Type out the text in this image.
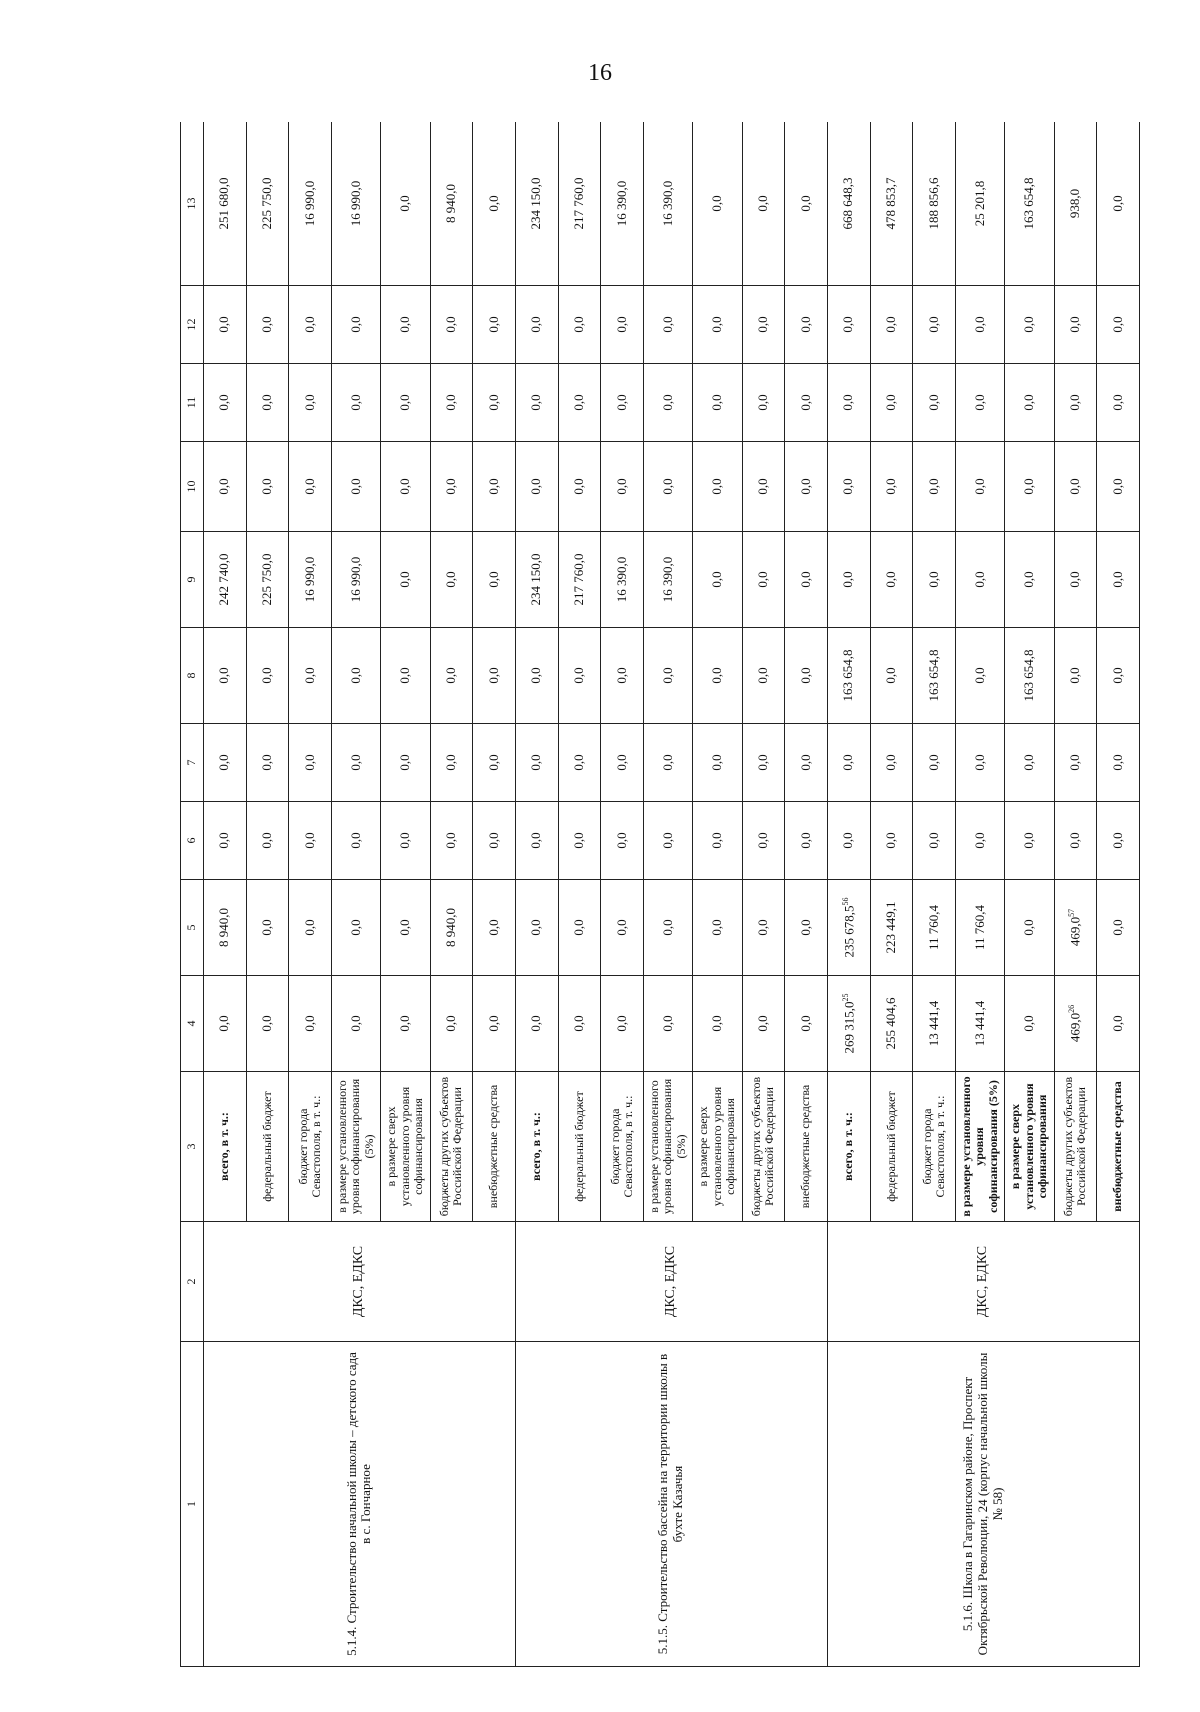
16
1	2	3	4	5	6	7	8	9	10	11	12	13
5.1.4. Строительство начальной школы – детского сада в с. Гончарное	ДКС, ЕДКС	всего, в т. ч.:	0,0	8 940,0	0,0	0,0	0,0	242 740,0	0,0	0,0	0,0	251 680,0
		федеральный бюджет	0,0	0,0	0,0	0,0	0,0	225 750,0	0,0	0,0	0,0	225 750,0
		бюджет города Севастополя, в т. ч.:	0,0	0,0	0,0	0,0	0,0	16 990,0	0,0	0,0	0,0	16 990,0
		в размере установленного уровня софинансирования (5%)	0,0	0,0	0,0	0,0	0,0	16 990,0	0,0	0,0	0,0	16 990,0
		в размере сверх установленного уровня софинансирования	0,0	0,0	0,0	0,0	0,0	0,0	0,0	0,0	0,0	0,0
		бюджеты других субъектов Российской Федерации	0,0	8 940,0	0,0	0,0	0,0	0,0	0,0	0,0	0,0	8 940,0
		внебюджетные средства	0,0	0,0	0,0	0,0	0,0	0,0	0,0	0,0	0,0	0,0
5.1.5. Строительство бассейна на территории школы в бухте Казачья	ДКС, ЕДКС	всего, в т. ч.:	0,0	0,0	0,0	0,0	0,0	234 150,0	0,0	0,0	0,0	234 150,0
		федеральный бюджет	0,0	0,0	0,0	0,0	0,0	217 760,0	0,0	0,0	0,0	217 760,0
		бюджет города Севастополя, в т. ч.:	0,0	0,0	0,0	0,0	0,0	16 390,0	0,0	0,0	0,0	16 390,0
		в размере установленного уровня софинансирования (5%)	0,0	0,0	0,0	0,0	0,0	16 390,0	0,0	0,0	0,0	16 390,0
		в размере сверх установленного уровня софинансирования	0,0	0,0	0,0	0,0	0,0	0,0	0,0	0,0	0,0	0,0
		бюджеты других субъектов Российской Федерации	0,0	0,0	0,0	0,0	0,0	0,0	0,0	0,0	0,0	0,0
		внебюджетные средства	0,0	0,0	0,0	0,0	0,0	0,0	0,0	0,0	0,0	0,0
5.1.6. Школа в Гагаринском районе, Проспект Октябрьской Революции, 24 (корпус начальной школы № 58)	ДКС, ЕДКС	всего, в т. ч.:	269 315,0$^{25}$	235 678,5$^{56}$	0,0	0,0	163 654,8	0,0	0,0	0,0	0,0	668 648,3
		федеральный бюджет	255 404,6	223 449,1	0,0	0,0	0,0	0,0	0,0	0,0	0,0	478 853,7
		бюджет города Севастополя, в т. ч.:	13 441,4	11 760,4	0,0	0,0	163 654,8	0,0	0,0	0,0	0,0	188 856,6
		в размере установленного уровня софинансирования (5%)	13 441,4	11 760,4	0,0	0,0	0,0	0,0	0,0	0,0	0,0	25 201,8
		в размере сверх установленного уровня софинансирования	0,0	0,0	0,0	0,0	163 654,8	0,0	0,0	0,0	0,0	163 654,8
		бюджеты других субъектов Российской Федерации	469,0$^{26}$	469,0$^{57}$	0,0	0,0	0,0	0,0	0,0	0,0	0,0	938,0
		внебюджетные средства	0,0	0,0	0,0	0,0	0,0	0,0	0,0	0,0	0,0	0,0
